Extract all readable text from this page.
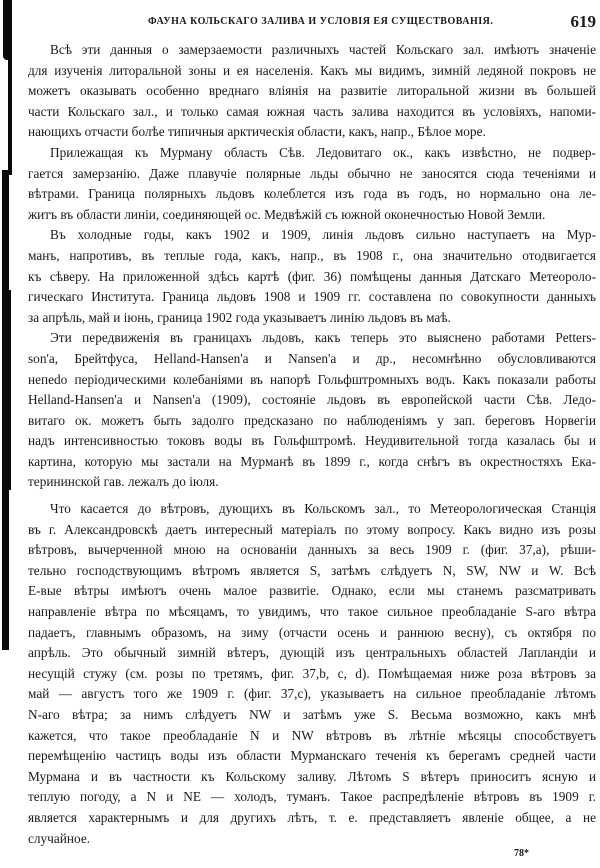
ФАУНА КОЛЬСКАГО ЗАЛИВА И УСЛОВІЯ ЕЯ СУЩЕСТВОВАНІЯ.	619
Всѣ эти данныя о замерзаемости различныхъ частей Кольскаго зал. имѣютъ значеніе
для изученія литоральной зоны и ея населенія. Какъ мы видимъ, зимній ледяной покровъ не
можетъ оказывать особенно вреднаго вліянія на развитіе литоральной жизни въ большей
части Кольскаго зал., и только самая южная часть залива находится въ условіяхъ, напоми-
нающихъ отчасти болѣе типичныя арктическія области, какъ, напр., Бѣлое море.
Прилежащая къ Мурману область Сѣв. Ледовитаго ок., какъ извѣстно, не подвер-
гается замерзанію. Даже плавучіе полярные льды обычно не заносятся сюда теченіями и
вѣтрами. Граница полярныхъ льдовъ колеблется изъ года въ годъ, но нормально она ле-
житъ въ области линіи, соединяющей ос. Медвѣжій съ южной оконечностью Новой Земли.
Въ холодные годы, какъ 1902 и 1909, линія льдовъ сильно наступаетъ на Мур-
манъ, напротивъ, въ теплые года, какъ, напр., въ 1908 г., она значительно отодвигается
къ сѣверу. На приложенной здѣсь картѣ (фиг. 36) помѣщены данныя Датскаго Метеороло-
гическаго Института. Граница льдовъ 1908 и 1909 гг. составлена по совокупности данныхъ
за апрѣль, май и іюнь, граница 1902 года указываетъ линію льдовъ въ маѣ.
Эти передвиженія въ границахъ льдовъ, какъ теперь это выяснено работами Petters-
son'a, Брейтфуса, Helland-Hansen'a и Nansen'a и др., несомнѣнно обусловливаются
непеdo періодическими колебаніями въ напорѣ Гольфштромныхъ водъ. Какъ показали работы
Helland-Hansen'a и Nansen'a (1909), состояніе льдовъ въ европейской части Сѣв. Ледо-
витаго ок. можетъ быть задолго предсказано по наблюденіямъ у зап. береговъ Норвегіи
надъ интенсивностью токовъ воды въ Гольфштромѣ. Неудивительной тогда казалась бы и
картина, которую мы застали на Мурманѣ въ 1899 г., когда снѣгъ въ окрестностяхъ Ека-
терининской гав. лежалъ до іюля.
Что касается до вѣтровъ, дующихъ въ Кольскомъ зал., то Метеорологическая Станція
въ г. Александровскѣ даетъ интересный матеріалъ по этому вопросу. Какъ видно изъ розы
вѣтровъ, вычерченной мною на основаніи данныхъ за весь 1909 г. (фиг. 37,a), рѣши-
тельно господствующимъ вѣтромъ является S, затѣмъ слѣдуетъ N, SW, NW и W. Всѣ
E-вые вѣтры имѣютъ очень малое развитіе. Однако, если мы станемъ разсматривать
направленіе вѣтра по мѣсяцамъ, то увидимъ, что такое сильное преобладаніе S-аго вѣтра
падаетъ, главнымъ образомъ, на зиму (отчасти осень и раннюю весну), съ октября по
апрѣль. Это обычный зимній вѣтеръ, дующій изъ центральныхъ областей Лапландіи и
несущій стужу (см. розы по третямъ, фиг. 37,b, c, d). Помѣщаемая ниже роза вѣтровъ за
май — августъ того же 1909 г. (фиг. 37,c), указываетъ на сильное преобладаніе лѣтомъ
N-аго вѣтра; за нимъ слѣдуетъ NW и затѣмъ уже S. Весьма возможно, какъ мнѣ
кажется, что такое преобладаніе N и NW вѣтровъ въ лѣтніе мѣсяцы способствуетъ
перемѣщенію частицъ воды изъ области Мурманскаго теченія къ берегамъ средней части
Мурмана и въ частности къ Кольскому заливу. Лѣтомъ S вѣтеръ приноситъ ясную и
теплую погоду, а N и NE — холодъ, туманъ. Такое распредѣленіе вѣтровъ въ 1909 г.
является характернымъ и для другихъ лѣтъ, т. е. представляетъ явленіе общее, а не
случайное.
78*
